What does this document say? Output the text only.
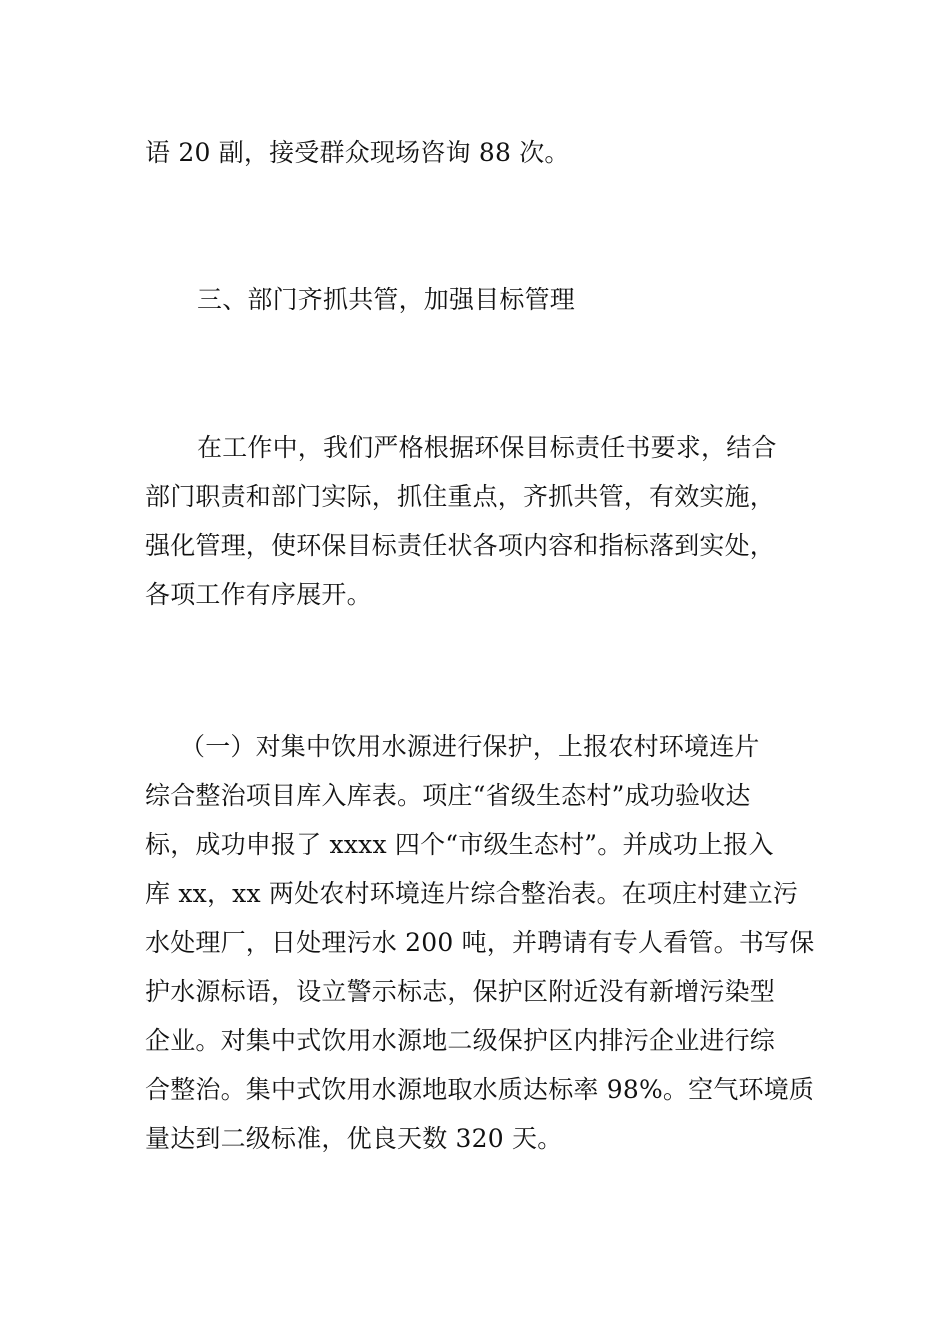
语 20 副，接受群众现场咨询 88 次。
三、部门齐抓共管，加强目标管理
在工作中，我们严格根据环保目标责任书要求，结合
部门职责和部门实际，抓住重点，齐抓共管，有效实施，
强化管理，使环保目标责任状各项内容和指标落到实处，
各项工作有序展开。
（一）对集中饮用水源进行保护，上报农村环境连片
综合整治项目库入库表。项庄“省级生态村”成功验收达
标，成功申报了 xxxx 四个“市级生态村”。并成功上报入
库 xx，xx 两处农村环境连片综合整治表。在项庄村建立污
水处理厂，日处理污水 200 吨，并聘请有专人看管。书写保
护水源标语，设立警示标志，保护区附近没有新增污染型
企业。对集中式饮用水源地二级保护区内排污企业进行综
合整治。集中式饮用水源地取水质达标率 98%。空气环境质
量达到二级标准，优良天数 320 天。
